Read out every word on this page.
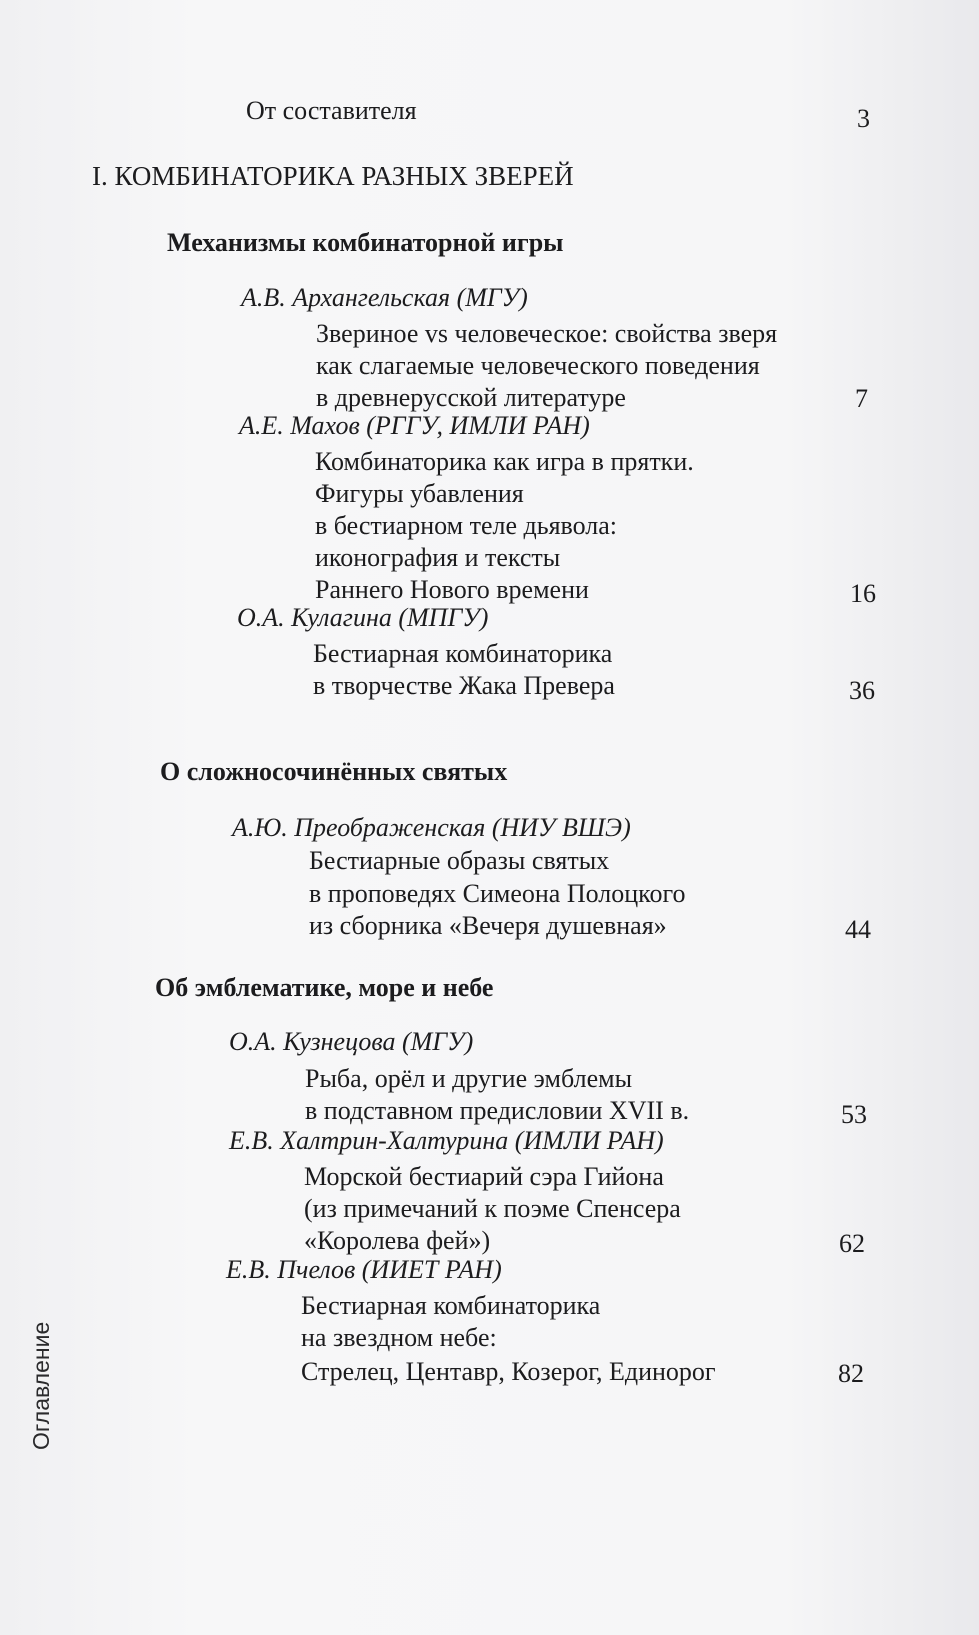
От составителя	3
I. КОМБИНАТОРИКА РАЗНЫХ ЗВЕРЕЙ
Механизмы комбинаторной игры
А.В. Архангельская (МГУ)
Звериное vs человеческое: свойства зверя
как слагаемые человеческого поведения
в древнерусской литературе	7
А.Е. Махов (РГГУ, ИМЛИ РАН)
Комбинаторика как игра в прятки.
Фигуры убавления
в бестиарном теле дьявола:
иконография и тексты
Раннего Нового времени	16
О.А. Кулагина (МПГУ)
Бестиарная комбинаторика
в творчестве Жака Превера	36
О сложносочинённых святых
А.Ю. Преображенская (НИУ ВШЭ)
Бестиарные образы святых
в проповедях Симеона Полоцкого
из сборника «Вечеря душевная»	44
Об эмблематике, море и небе
О.А. Кузнецова (МГУ)
Рыба, орёл и другие эмблемы
в подставном предисловии XVII в.	53
Е.В. Халтрин-Халтурина (ИМЛИ РАН)
Морской бестиарий сэра Гийона
(из примечаний к поэме Спенсера
«Королева фей»)	62
Е.В. Пчелов (ИИЕТ РАН)
Бестиарная комбинаторика
на звездном небе:
Стрелец, Центавр, Козерог, Единорог	82
Оглавление
